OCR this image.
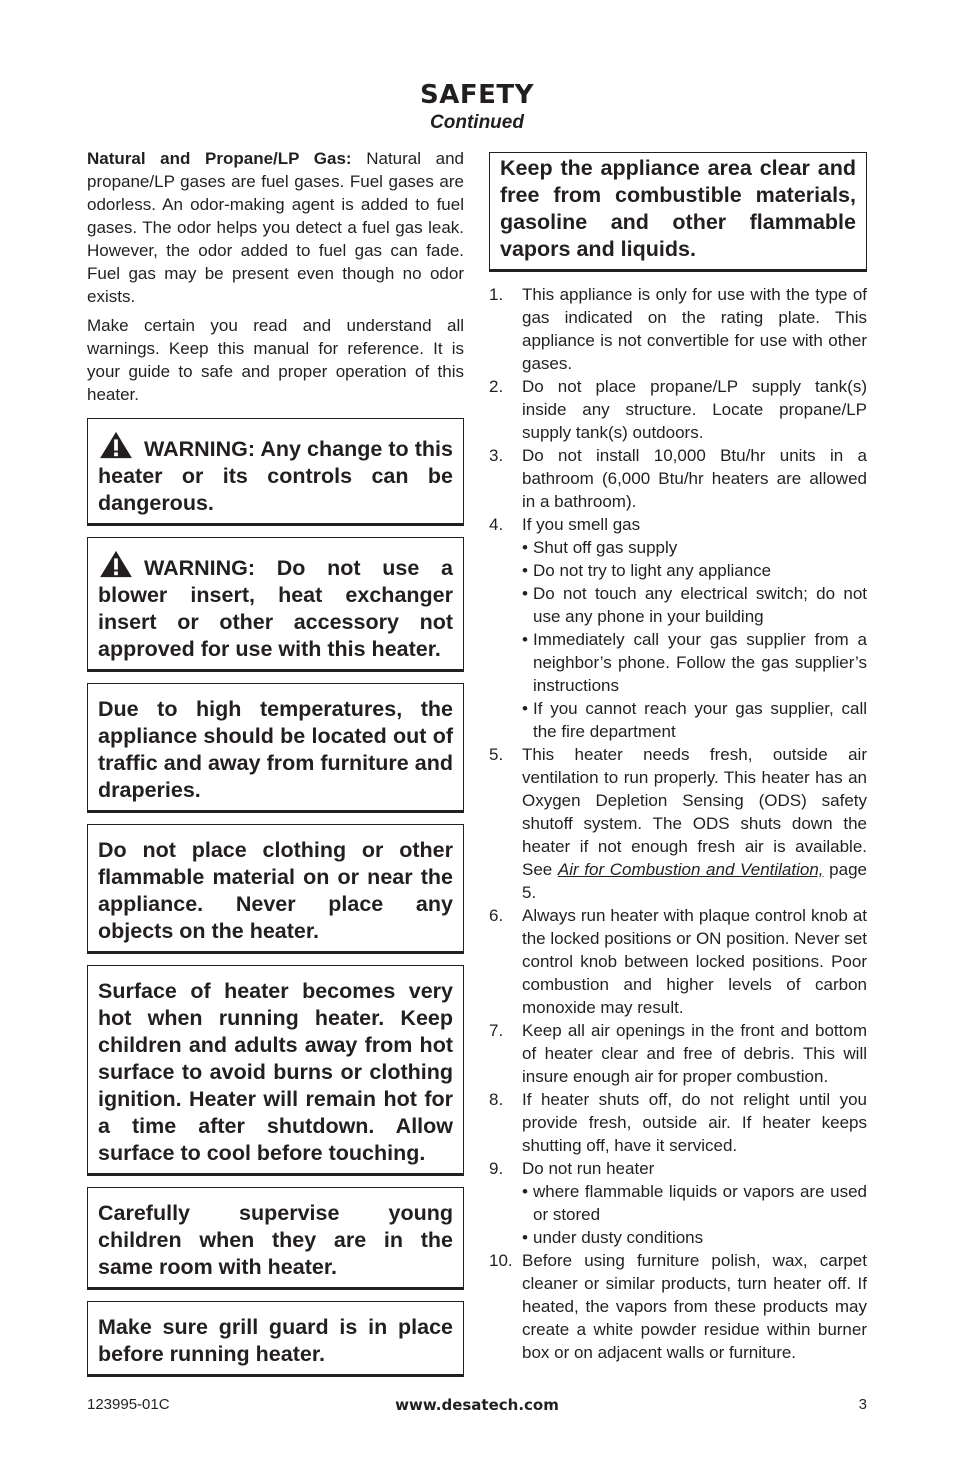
SAFETY
Continued

Natural and Propane/LP Gas: Natural and propane/LP gases are fuel gases. Fuel gases are odorless. An odor-making agent is added to fuel gases. The odor helps you detect a fuel gas leak. However, the odor added to fuel gas can fade. Fuel gas may be present even though no odor exists.

Make certain you read and understand all warnings. Keep this manual for reference. It is your guide to safe and proper operation of this heater.

WARNING: Any change to this heater or its controls can be dangerous.
WARNING: Do not use a blower insert, heat exchanger insert or other accessory not approved for use with this heater.
Due to high temperatures, the appliance should be located out of traffic and away from furniture and draperies.
Do not place clothing or other flammable material on or near the appliance. Never place any objects on the heater.
Surface of heater becomes very hot when running heater. Keep children and adults away from hot surface to avoid burns or clothing ignition. Heater will remain hot for a time after shutdown. Allow surface to cool before touching.
Carefully supervise young children when they are in the same room with heater.
Make sure grill guard is in place before running heater.
Keep the appliance area clear and free from combustible materials, gasoline and other flammable vapors and liquids.
1. This appliance is only for use with the type of gas indicated on the rating plate. This appliance is not convertible for use with other gases.
2. Do not place propane/LP supply tank(s) inside any structure. Locate propane/LP supply tank(s) outdoors.
3. Do not install 10,000 Btu/hr units in a bathroom (6,000 Btu/hr heaters are allowed in a bathroom).
4. If you smell gas
• Shut off gas supply
• Do not try to light any appliance
• Do not touch any electrical switch; do not use any phone in your building
• Immediately call your gas supplier from a neighbor’s phone. Follow the gas supplier’s instructions
• If you cannot reach your gas supplier, call the fire department
5. This heater needs fresh, outside air ventilation to run properly. This heater has an Oxygen Depletion Sensing (ODS) safety shutoff system. The ODS shuts down the heater if not enough fresh air is available. See Air for Combustion and Ventilation, page 5.
6. Always run heater with plaque control knob at the locked positions or ON position. Never set control knob between locked positions. Poor combustion and higher levels of carbon monoxide may result.
7. Keep all air openings in the front and bottom of heater clear and free of debris. This will insure enough air for proper combustion.
8. If heater shuts off, do not relight until you provide fresh, outside air. If heater keeps shutting off, have it serviced.
9. Do not run heater
• where flammable liquids or vapors are used or stored
• under dusty conditions
10. Before using furniture polish, wax, carpet cleaner or similar products, turn heater off. If heated, the vapors from these products may create a white powder residue within burner box or on adjacent walls or furniture.
123995-01C	www.desatech.com	3
